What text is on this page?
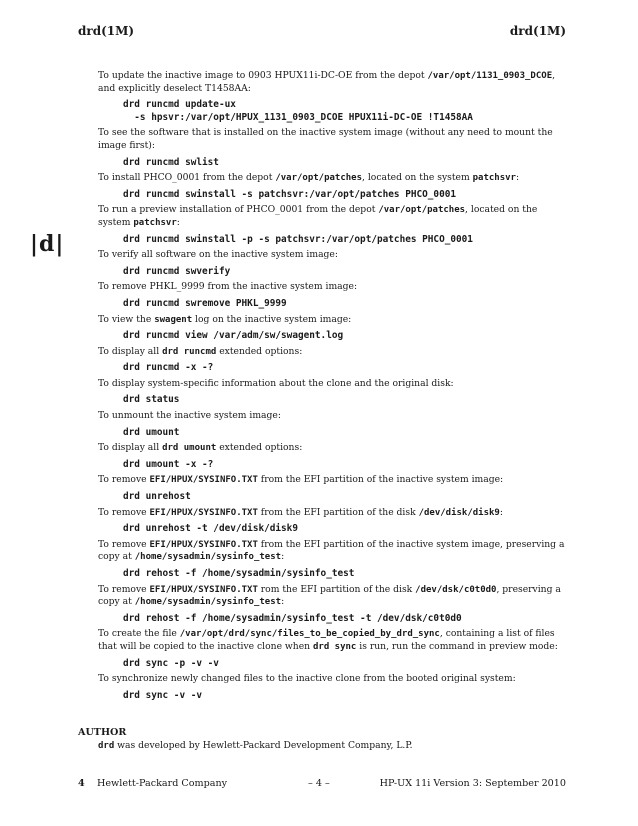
drd(1M)	drd(1M)
|d|
To update the inactive image to 0903 HPUX11i-DC-OE from the depot /var/opt/1131_0903_DCOE, and explicitly deselect T1458AA:
drd runcmd update-ux
-s hpsvr:/var/opt/HPUX_1131_0903_DCOE HPUX11i-DC-OE !T1458AA
To see the software that is installed on the inactive system image (without any need to mount the image first):
drd runcmd swlist
To install PHCO_0001 from the depot /var/opt/patches, located on the system patchsvr:
drd runcmd swinstall -s patchsvr:/var/opt/patches PHCO_0001
To run a preview installation of PHCO_0001 from the depot /var/opt/patches, located on the system patchsvr:
drd runcmd swinstall -p -s patchsvr:/var/opt/patches PHCO_0001
To verify all software on the inactive system image:
drd runcmd swverify
To remove PHKL_9999 from the inactive system image:
drd runcmd swremove PHKL_9999
To view the swagent log on the inactive system image:
drd runcmd view /var/adm/sw/swagent.log
To display all drd runcmd extended options:
drd runcmd -x -?
To display system-specific information about the clone and the original disk:
drd status
To unmount the inactive system image:
drd umount
To display all drd umount extended options:
drd umount -x -?
To remove EFI/HPUX/SYSINFO.TXT from the EFI partition of the inactive system image:
drd unrehost
To remove EFI/HPUX/SYSINFO.TXT from the EFI partition of the disk /dev/disk/disk9:
drd unrehost -t /dev/disk/disk9
To remove EFI/HPUX/SYSINFO.TXT from the EFI partition of the inactive system image, preserving a copy at /home/sysadmin/sysinfo_test:
drd rehost -f /home/sysadmin/sysinfo_test
To remove EFI/HPUX/SYSINFO.TXT rom the EFI partition of the disk /dev/dsk/c0t0d0, preserving a copy at /home/sysadmin/sysinfo_test:
drd rehost -f /home/sysadmin/sysinfo_test -t /dev/dsk/c0t0d0
To create the file /var/opt/drd/sync/files_to_be_copied_by_drd_sync, containing a list of files that will be copied to the inactive clone when drd sync is run, run the command in preview mode:
drd sync -p -v -v
To synchronize newly changed files to the inactive clone from the booted original system:
drd sync -v -v
AUTHOR
drd was developed by Hewlett-Packard Development Company, L.P.
4 Hewlett-Packard Company	– 4 –	HP-UX 11i Version 3: September 2010
